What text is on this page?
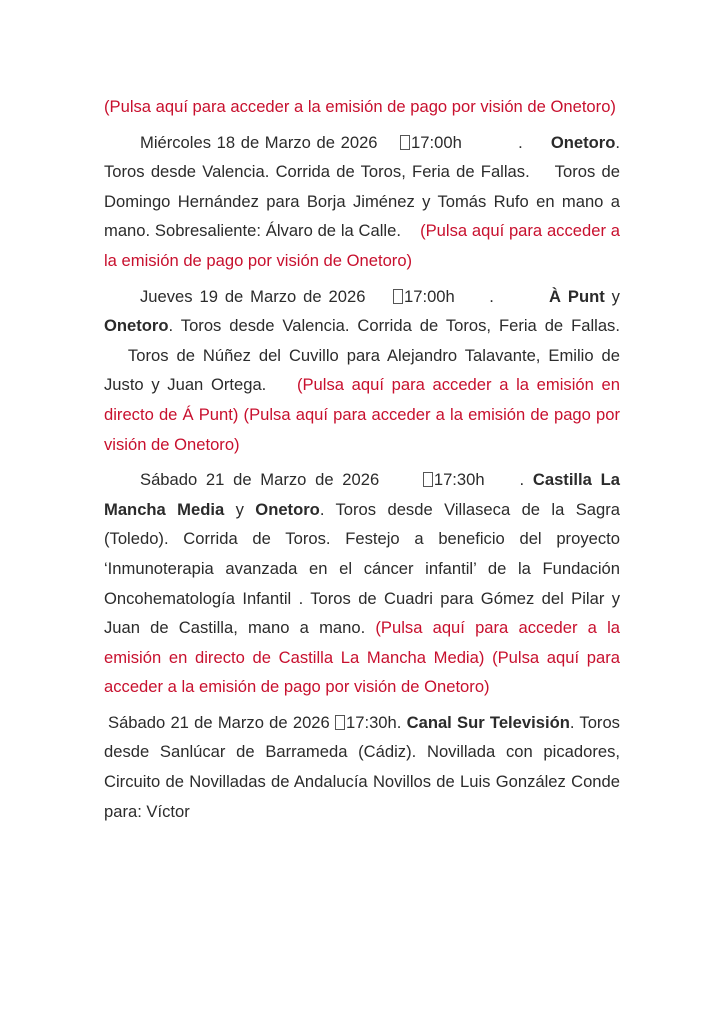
(Pulsa aquí para acceder a la emisión de pago por visión de Onetoro)

Miércoles 18 de Marzo de 2026 17:00h	. Onetoro. Toros desde Valencia. Corrida de Toros, Feria de Fallas. Toros de Domingo Hernández para Borja Jiménez y Tomás Rufo en mano a mano. Sobresaliente: Álvaro de la Calle. (Pulsa aquí para acceder a la emisión de pago por visión de Onetoro)

Jueves 19 de Marzo de 2026 17:00h .	À Punt y Onetoro. Toros desde Valencia. Corrida de Toros, Feria de Fallas.    Toros de Núñez del Cuvillo para Alejandro Talavante, Emilio de Justo y Juan Ortega. (Pulsa aquí para acceder a la emisión en directo de Á Punt) (Pulsa aquí para acceder a la emisión de pago por visión de Onetoro)

Sábado 21 de Marzo de 2026	17:30h . Castilla La Mancha Media y Onetoro. Toros desde Villaseca de la Sagra (Toledo). Corrida de Toros. Festejo a beneficio del proyecto ‘Inmunoterapia avanzada en el cáncer infantil’ de la Fundación Oncohematología Infantil . Toros de Cuadri para Gómez del Pilar y Juan de Castilla, mano a mano. (Pulsa aquí para acceder a la emisión en directo de Castilla La Mancha Media) (Pulsa aquí para acceder a la emisión de pago por visión de Onetoro)

Sábado 21 de Marzo de 2026 17:30h. Canal Sur Televisión. Toros desde Sanlúcar de Barrameda (Cádiz). Novillada con picadores, Circuito de Novilladas de Andalucía Novillos de Luis González Conde para: Víctor
